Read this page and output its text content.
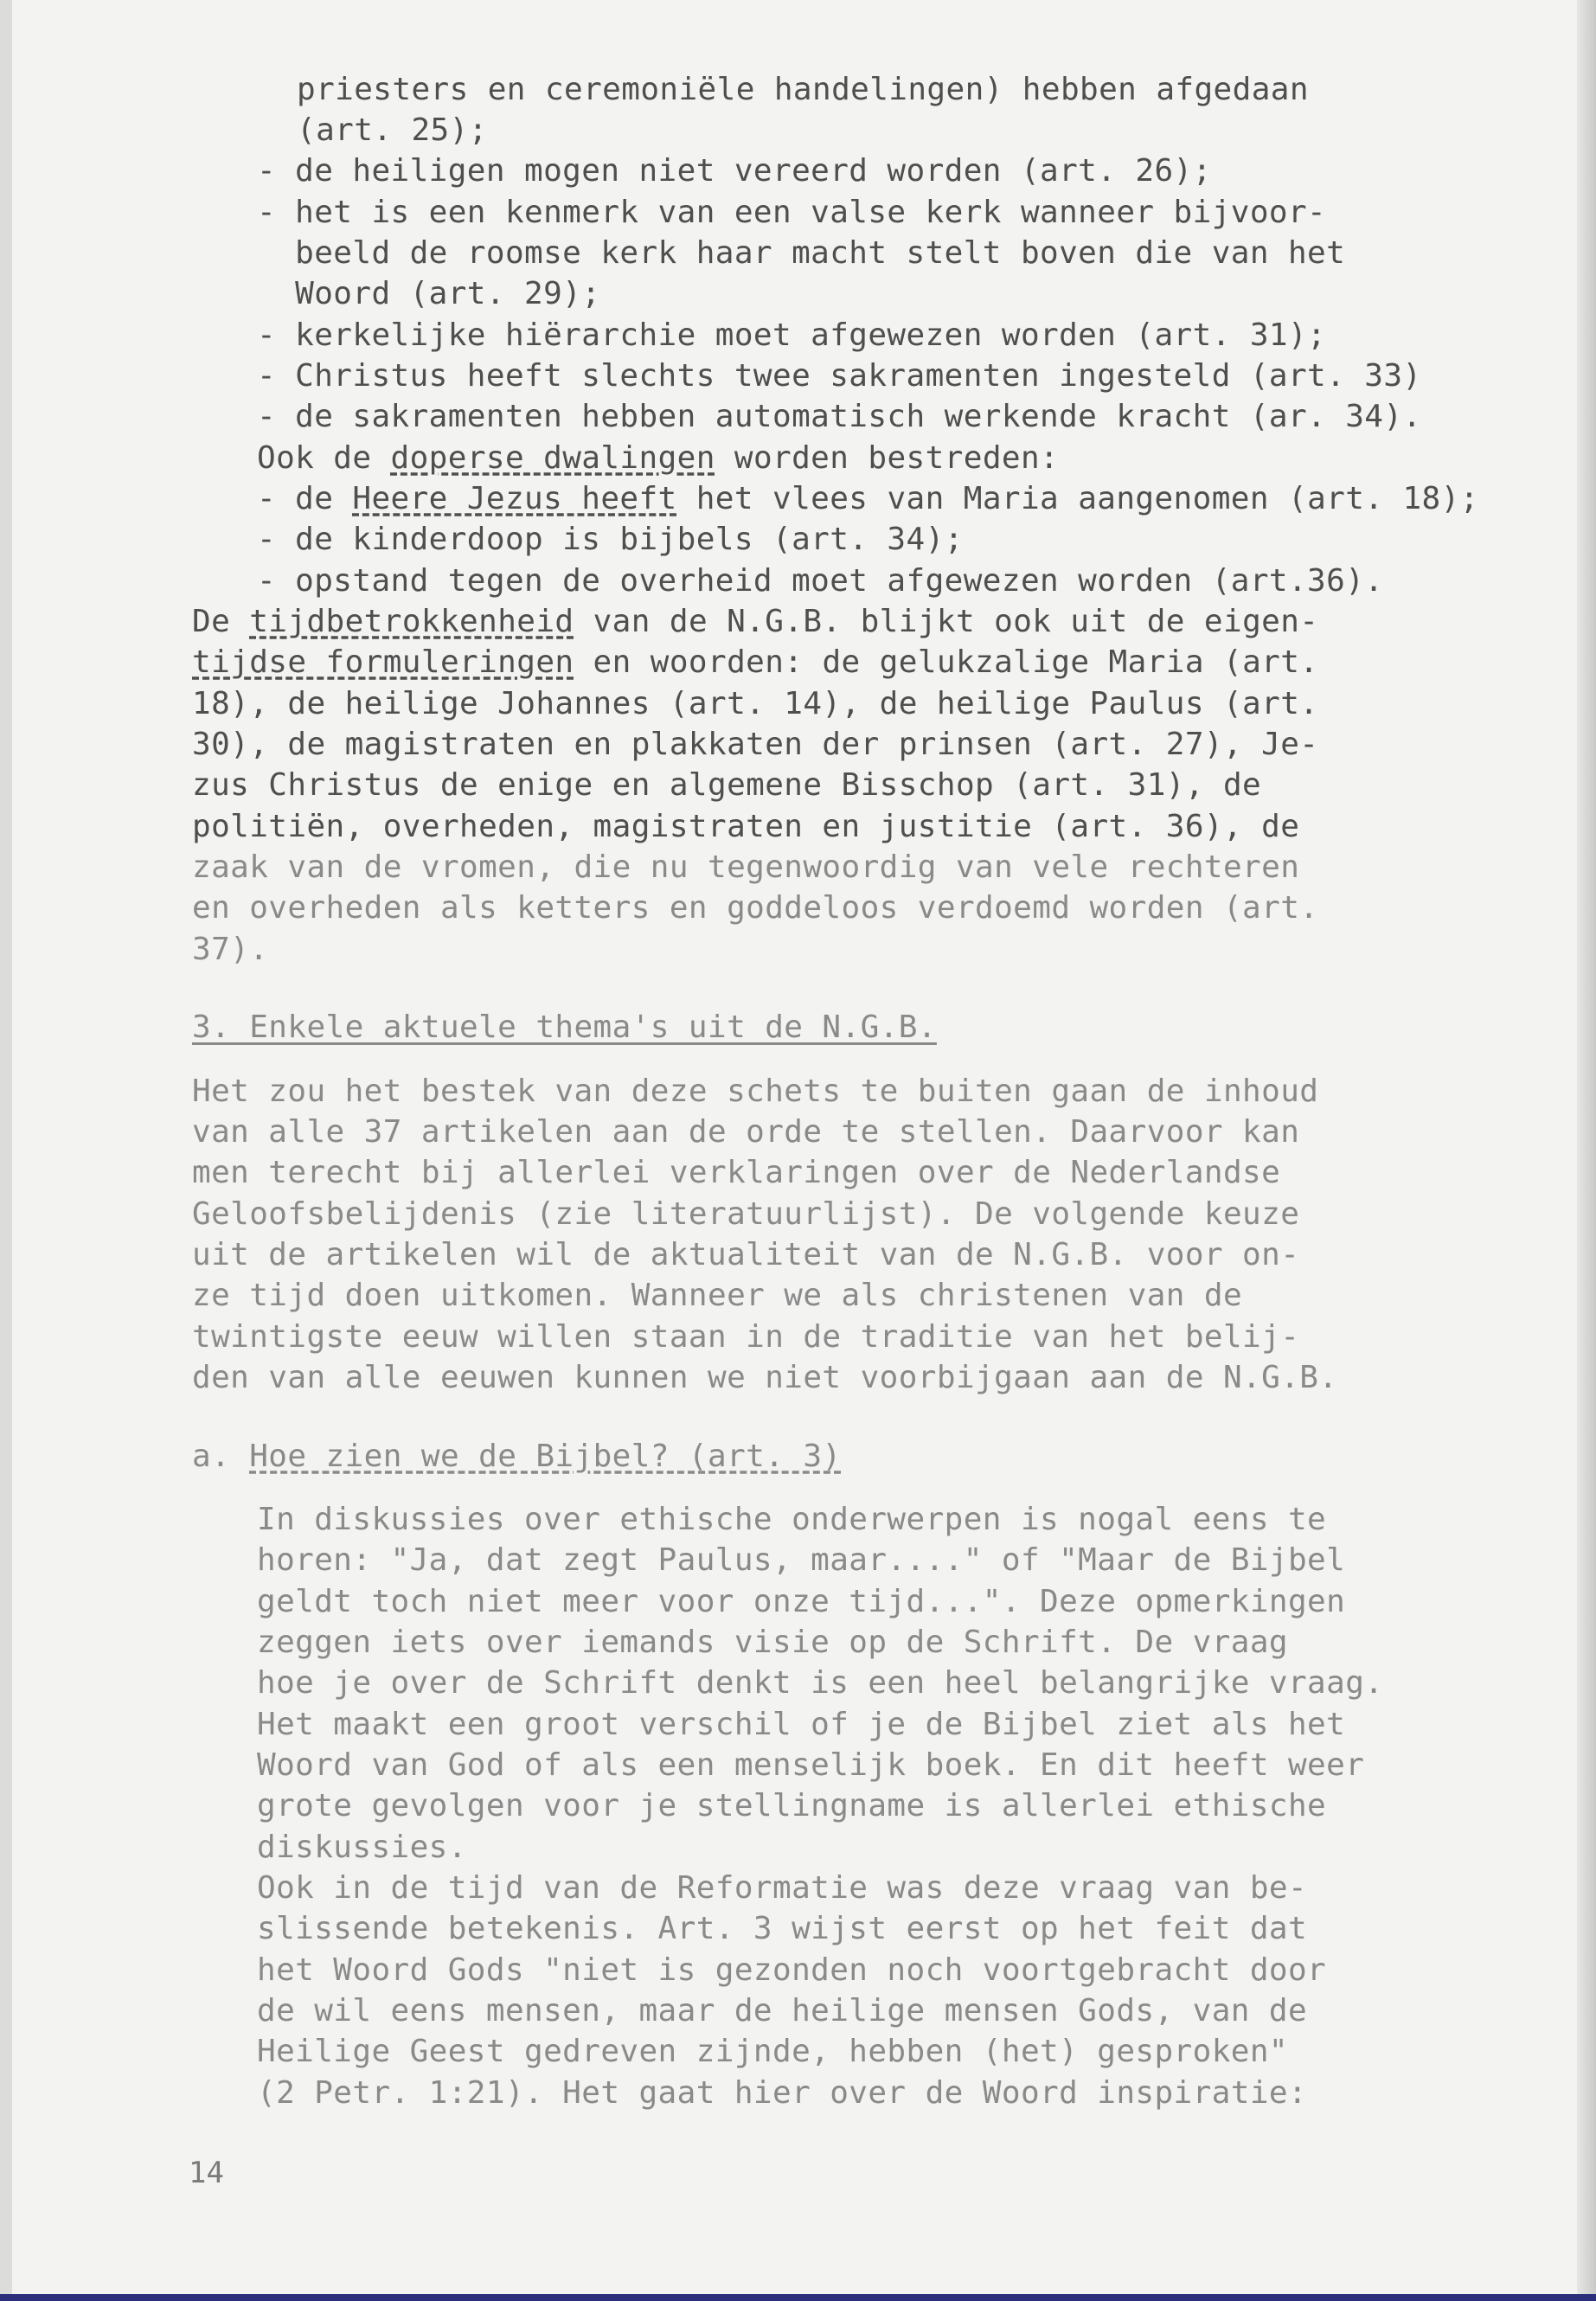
priesters en ceremoniële handelingen) hebben afgedaan
(art. 25);
- de heiligen mogen niet vereerd worden (art. 26);
- het is een kenmerk van een valse kerk wanneer bijvoor-
beeld de roomse kerk haar macht stelt boven die van het
Woord (art. 29);
- kerkelijke hiërarchie moet afgewezen worden (art. 31);
- Christus heeft slechts twee sakramenten ingesteld (art. 33)
- de sakramenten hebben automatisch werkende kracht (ar. 34).
Ook de doperse dwalingen worden bestreden:
- de Heere Jezus heeft het vlees van Maria aangenomen (art. 18);
- de kinderdoop is bijbels (art. 34);
- opstand tegen de overheid moet afgewezen worden (art.36).
De tijdbetrokkenheid van de N.G.B. blijkt ook uit de eigen-
tijdse formuleringen en woorden: de gelukzalige Maria (art.
18), de heilige Johannes (art. 14), de heilige Paulus (art.
30), de magistraten en plakkaten der prinsen (art. 27), Je-
zus Christus de enige en algemene Bisschop (art. 31), de
politiën, overheden, magistraten en justitie (art. 36), de
zaak van de vromen, die nu tegenwoordig van vele rechteren
en overheden als ketters en goddeloos verdoemd worden (art.
37).
3. Enkele aktuele thema's uit de N.G.B.
Het zou het bestek van deze schets te buiten gaan de inhoud
van alle 37 artikelen aan de orde te stellen. Daarvoor kan
men terecht bij allerlei verklaringen over de Nederlandse
Geloofsbelijdenis (zie literatuurlijst). De volgende keuze
uit de artikelen wil de aktualiteit van de N.G.B. voor on-
ze tijd doen uitkomen. Wanneer we als christenen van de
twintigste eeuw willen staan in de traditie van het belij-
den van alle eeuwen kunnen we niet voorbijgaan aan de N.G.B.
a. Hoe zien we de Bijbel? (art. 3)
In diskussies over ethische onderwerpen is nogal eens te
horen: "Ja, dat zegt Paulus, maar...." of "Maar de Bijbel
geldt toch niet meer voor onze tijd...". Deze opmerkingen
zeggen iets over iemands visie op de Schrift. De vraag
hoe je over de Schrift denkt is een heel belangrijke vraag.
Het maakt een groot verschil of je de Bijbel ziet als het
Woord van God of als een menselijk boek. En dit heeft weer
grote gevolgen voor je stellingname is allerlei ethische
diskussies.
Ook in de tijd van de Reformatie was deze vraag van be-
slissende betekenis. Art. 3 wijst eerst op het feit dat
het Woord Gods "niet is gezonden noch voortgebracht door
de wil eens mensen, maar de heilige mensen Gods, van de
Heilige Geest gedreven zijnde, hebben (het) gesproken"
(2 Petr. 1:21). Het gaat hier over de Woord inspiratie:
14
